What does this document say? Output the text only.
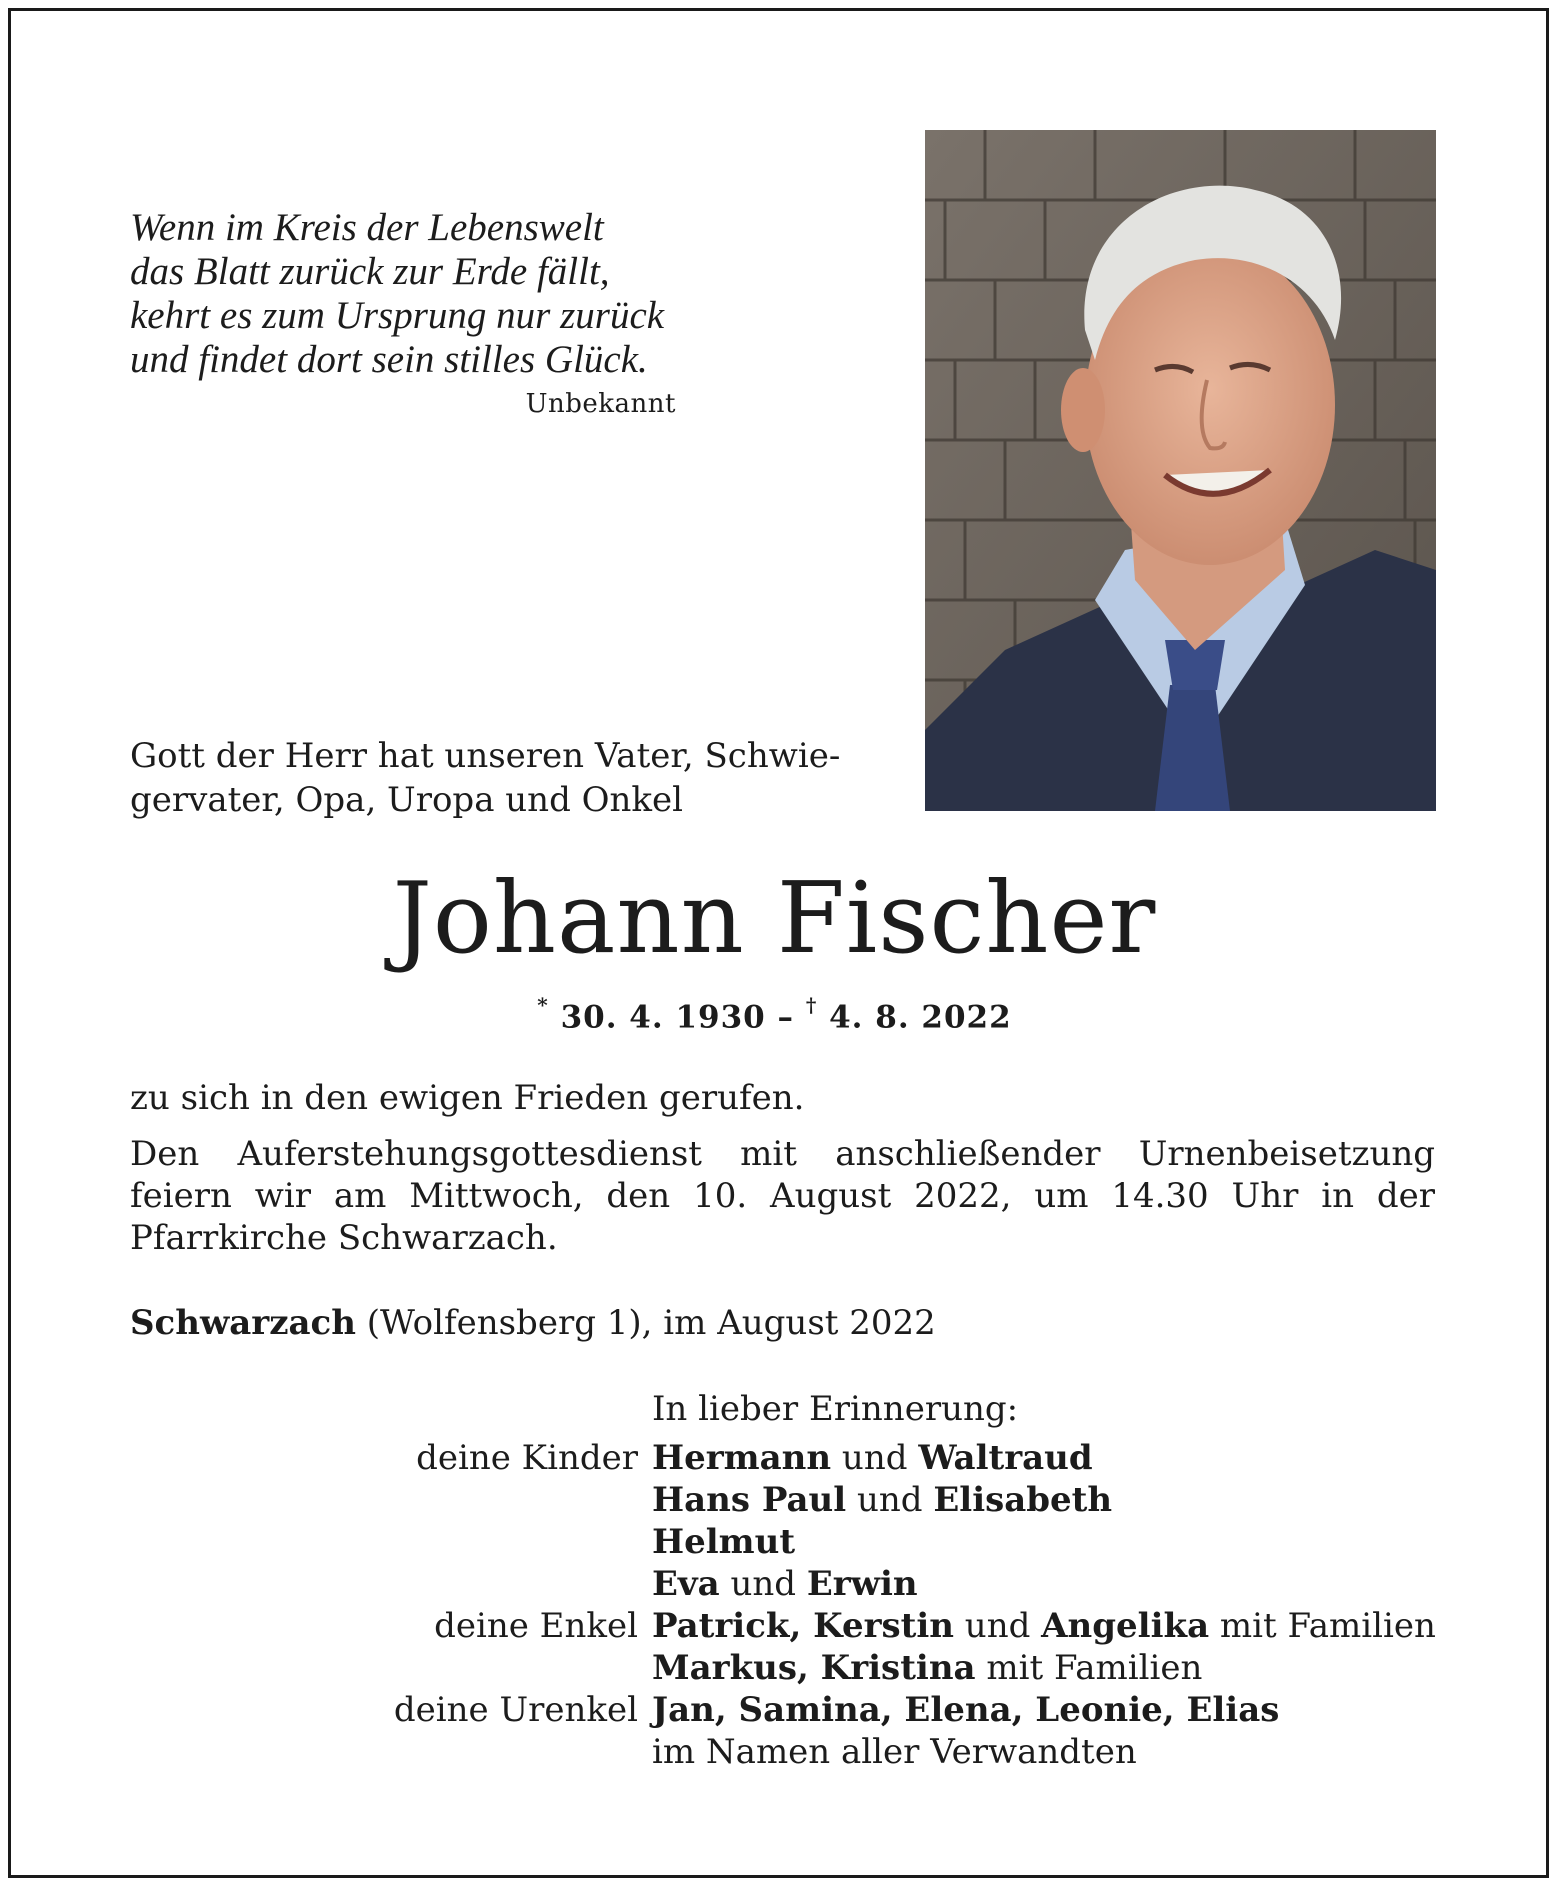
Wenn im Kreis der Lebenswelt
das Blatt zurück zur Erde fällt,
kehrt es zum Ursprung nur zurück
und findet dort sein stilles Glück.
Unbekannt
Gott der Herr hat unseren Vater, Schwie-
gervater, Opa, Uropa und Onkel
Johann Fischer
* 30. 4. 1930 – † 4. 8. 2022
zu sich in den ewigen Frieden gerufen.
Den Auferstehungsgottesdienst mit anschließender Urnenbeisetzung feiern wir am Mittwoch, den 10. August 2022, um 14.30 Uhr in der Pfarrkirche Schwarzach.
Schwarzach (Wolfensberg 1), im August 2022
In lieber Erinnerung:
deine Kinder Hermann und Waltraud
Hans Paul und Elisabeth
Helmut
Eva und Erwin
deine Enkel Patrick, Kerstin und Angelika mit Familien
Markus, Kristina mit Familien
deine Urenkel Jan, Samina, Elena, Leonie, Elias
im Namen aller Verwandten
